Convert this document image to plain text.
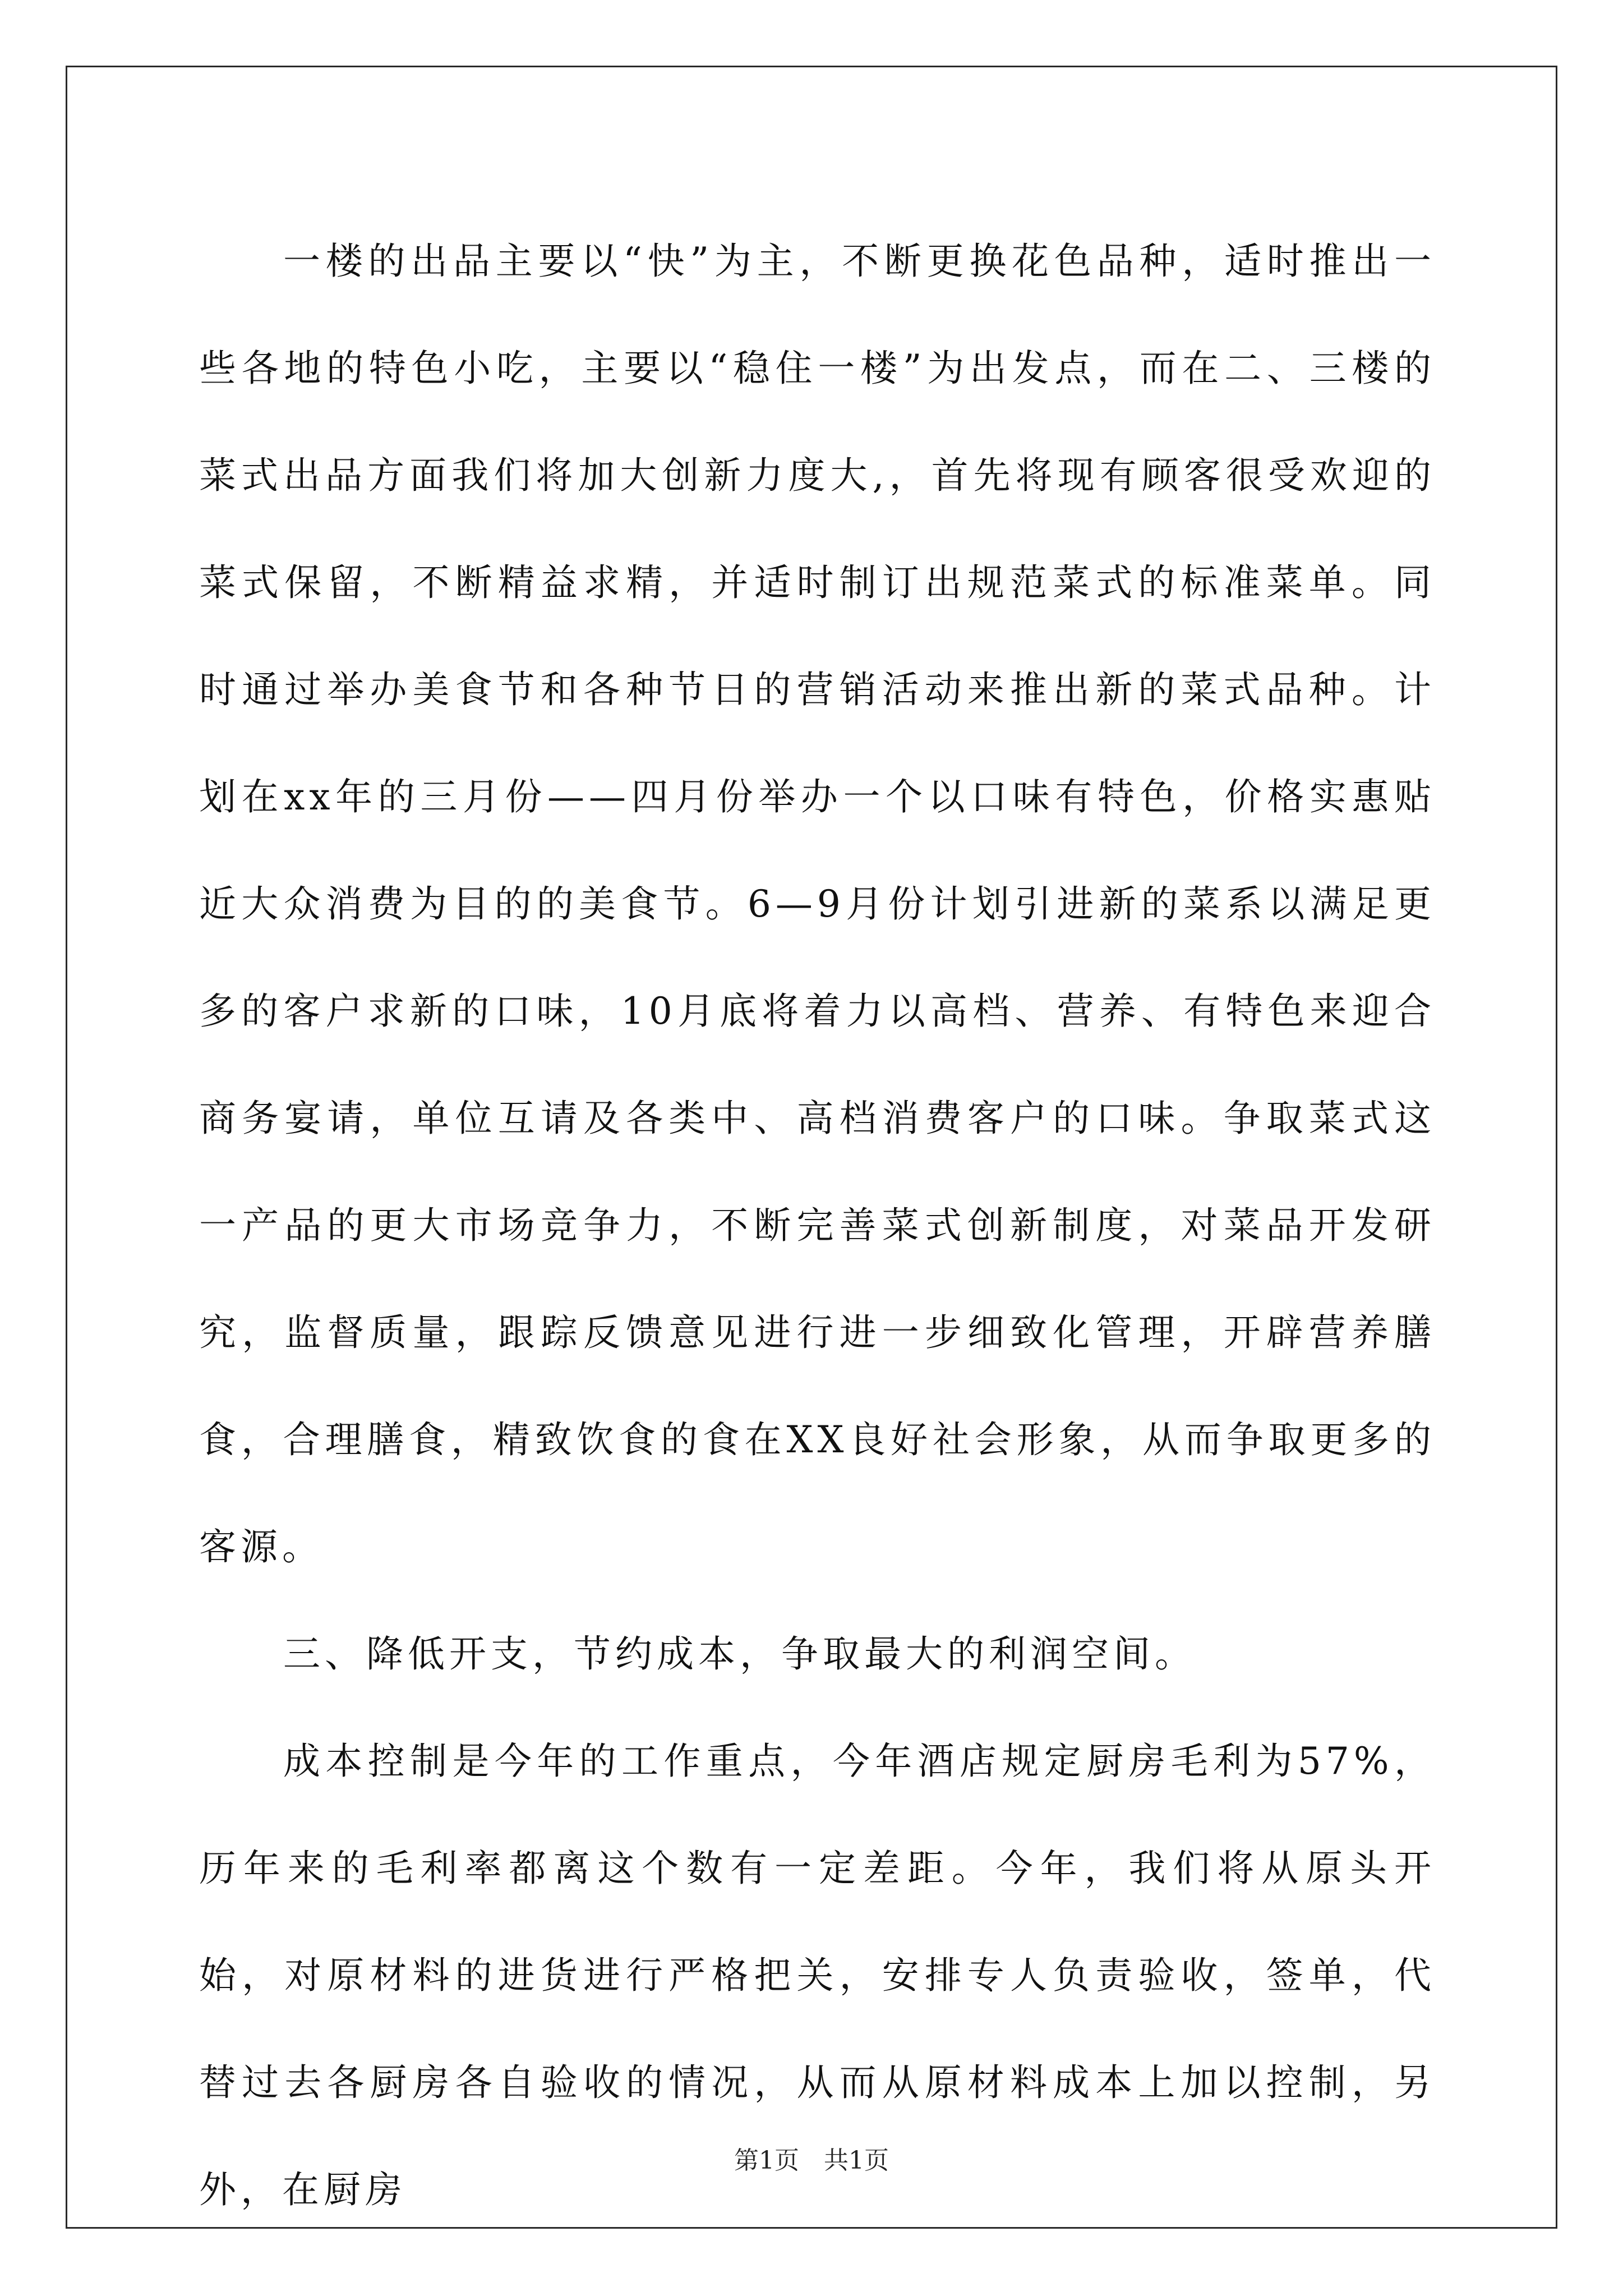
一楼的出品主要以“快”为主，不断更换花色品种，适时推出一些各地的特色小吃，主要以“稳住一楼”为出发点，而在二、三楼的菜式出品方面我们将加大创新力度大,，首先将现有顾客很受欢迎的菜式保留，不断精益求精，并适时制订出规范菜式的标准菜单。同时通过举办美食节和各种节日的营销活动来推出新的菜式品种。计划在xx年的三月份——四月份举办一个以口味有特色，价格实惠贴近大众消费为目的的美食节。6—9月份计划引进新的菜系以满足更多的客户求新的口味，10月底将着力以高档、营养、有特色来迎合商务宴请，单位互请及各类中、高档消费客户的口味。争取菜式这一产品的更大市场竞争力，不断完善菜式创新制度，对菜品开发研究，监督质量，跟踪反馈意见进行进一步细致化管理，开辟营养膳食，合理膳食，精致饮食的食在XX良好社会形象，从而争取更多的客源。

三、降低开支，节约成本，争取最大的利润空间。

成本控制是今年的工作重点，今年酒店规定厨房毛利为57%，历年来的毛利率都离这个数有一定差距。今年，我们将从原头开始，对原材料的进货进行严格把关，安排专人负责验收，签单，代替过去各厨房各自验收的情况，从而从原材料成本上加以控制，另外，在厨房

第1页　共1页
